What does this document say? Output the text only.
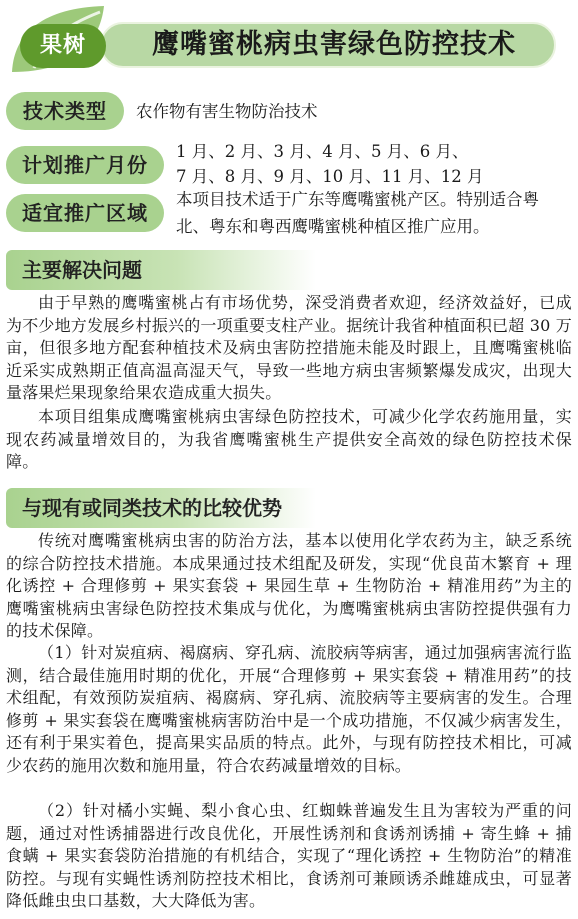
果树	鹰嘴蜜桃病虫害绿色防控技术
技术类型	农作物有害生物防治技术
计划推广月份
1 月、2 月、3 月、4 月、5 月、6 月、
7 月、8 月、9 月、10 月、11 月、12 月
适宜推广区域
本项目技术适于广东等鹰嘴蜜桃产区。特别适合粤北、粤东和粤西鹰嘴蜜桃种植区推广应用。
主要解决问题
由于早熟的鹰嘴蜜桃占有市场优势，深受消费者欢迎，经济效益好，已成为不少地方发展乡村振兴的一项重要支柱产业。据统计我省种植面积已超 30 万亩，但很多地方配套种植技术及病虫害防控措施未能及时跟上，且鹰嘴蜜桃临近采实成熟期正值高温高湿天气，导致一些地方病虫害频繁爆发成灾，出现大量落果烂果现象给果农造成重大损失。
本项目组集成鹰嘴蜜桃病虫害绿色防控技术，可减少化学农药施用量，实现农药减量增效目的，为我省鹰嘴蜜桃生产提供安全高效的绿色防控技术保障。
与现有或同类技术的比较优势
传统对鹰嘴蜜桃病虫害的防治方法，基本以使用化学农药为主，缺乏系统的综合防控技术措施。本成果通过技术组配及研发，实现“优良苗木繁育 + 理化诱控 + 合理修剪 + 果实套袋 + 果园生草 + 生物防治 + 精准用药”为主的鹰嘴蜜桃病虫害绿色防控技术集成与优化，为鹰嘴蜜桃病虫害防控提供强有力的技术保障。
（1）针对炭疽病、褐腐病、穿孔病、流胶病等病害，通过加强病害流行监测，结合最佳施用时期的优化，开展“合理修剪 + 果实套袋 + 精准用药”的技术组配，有效预防炭疽病、褐腐病、穿孔病、流胶病等主要病害的发生。合理修剪 + 果实套袋在鹰嘴蜜桃病害防治中是一个成功措施，不仅减少病害发生，还有利于果实着色，提高果实品质的特点。此外，与现有防控技术相比，可减少农药的施用次数和施用量，符合农药减量增效的目标。
（2）针对橘小实蝇、梨小食心虫、红蜘蛛普遍发生且为害较为严重的问题，通过对性诱捕器进行改良优化，开展性诱剂和食诱剂诱捕 + 寄生蜂 + 捕食螨 + 果实套袋防治措施的有机结合，实现了“理化诱控 + 生物防治”的精准防控。与现有实蝇性诱剂防控技术相比，食诱剂可兼顾诱杀雌雄成虫，可显著降低雌虫虫口基数，大大降低为害。
